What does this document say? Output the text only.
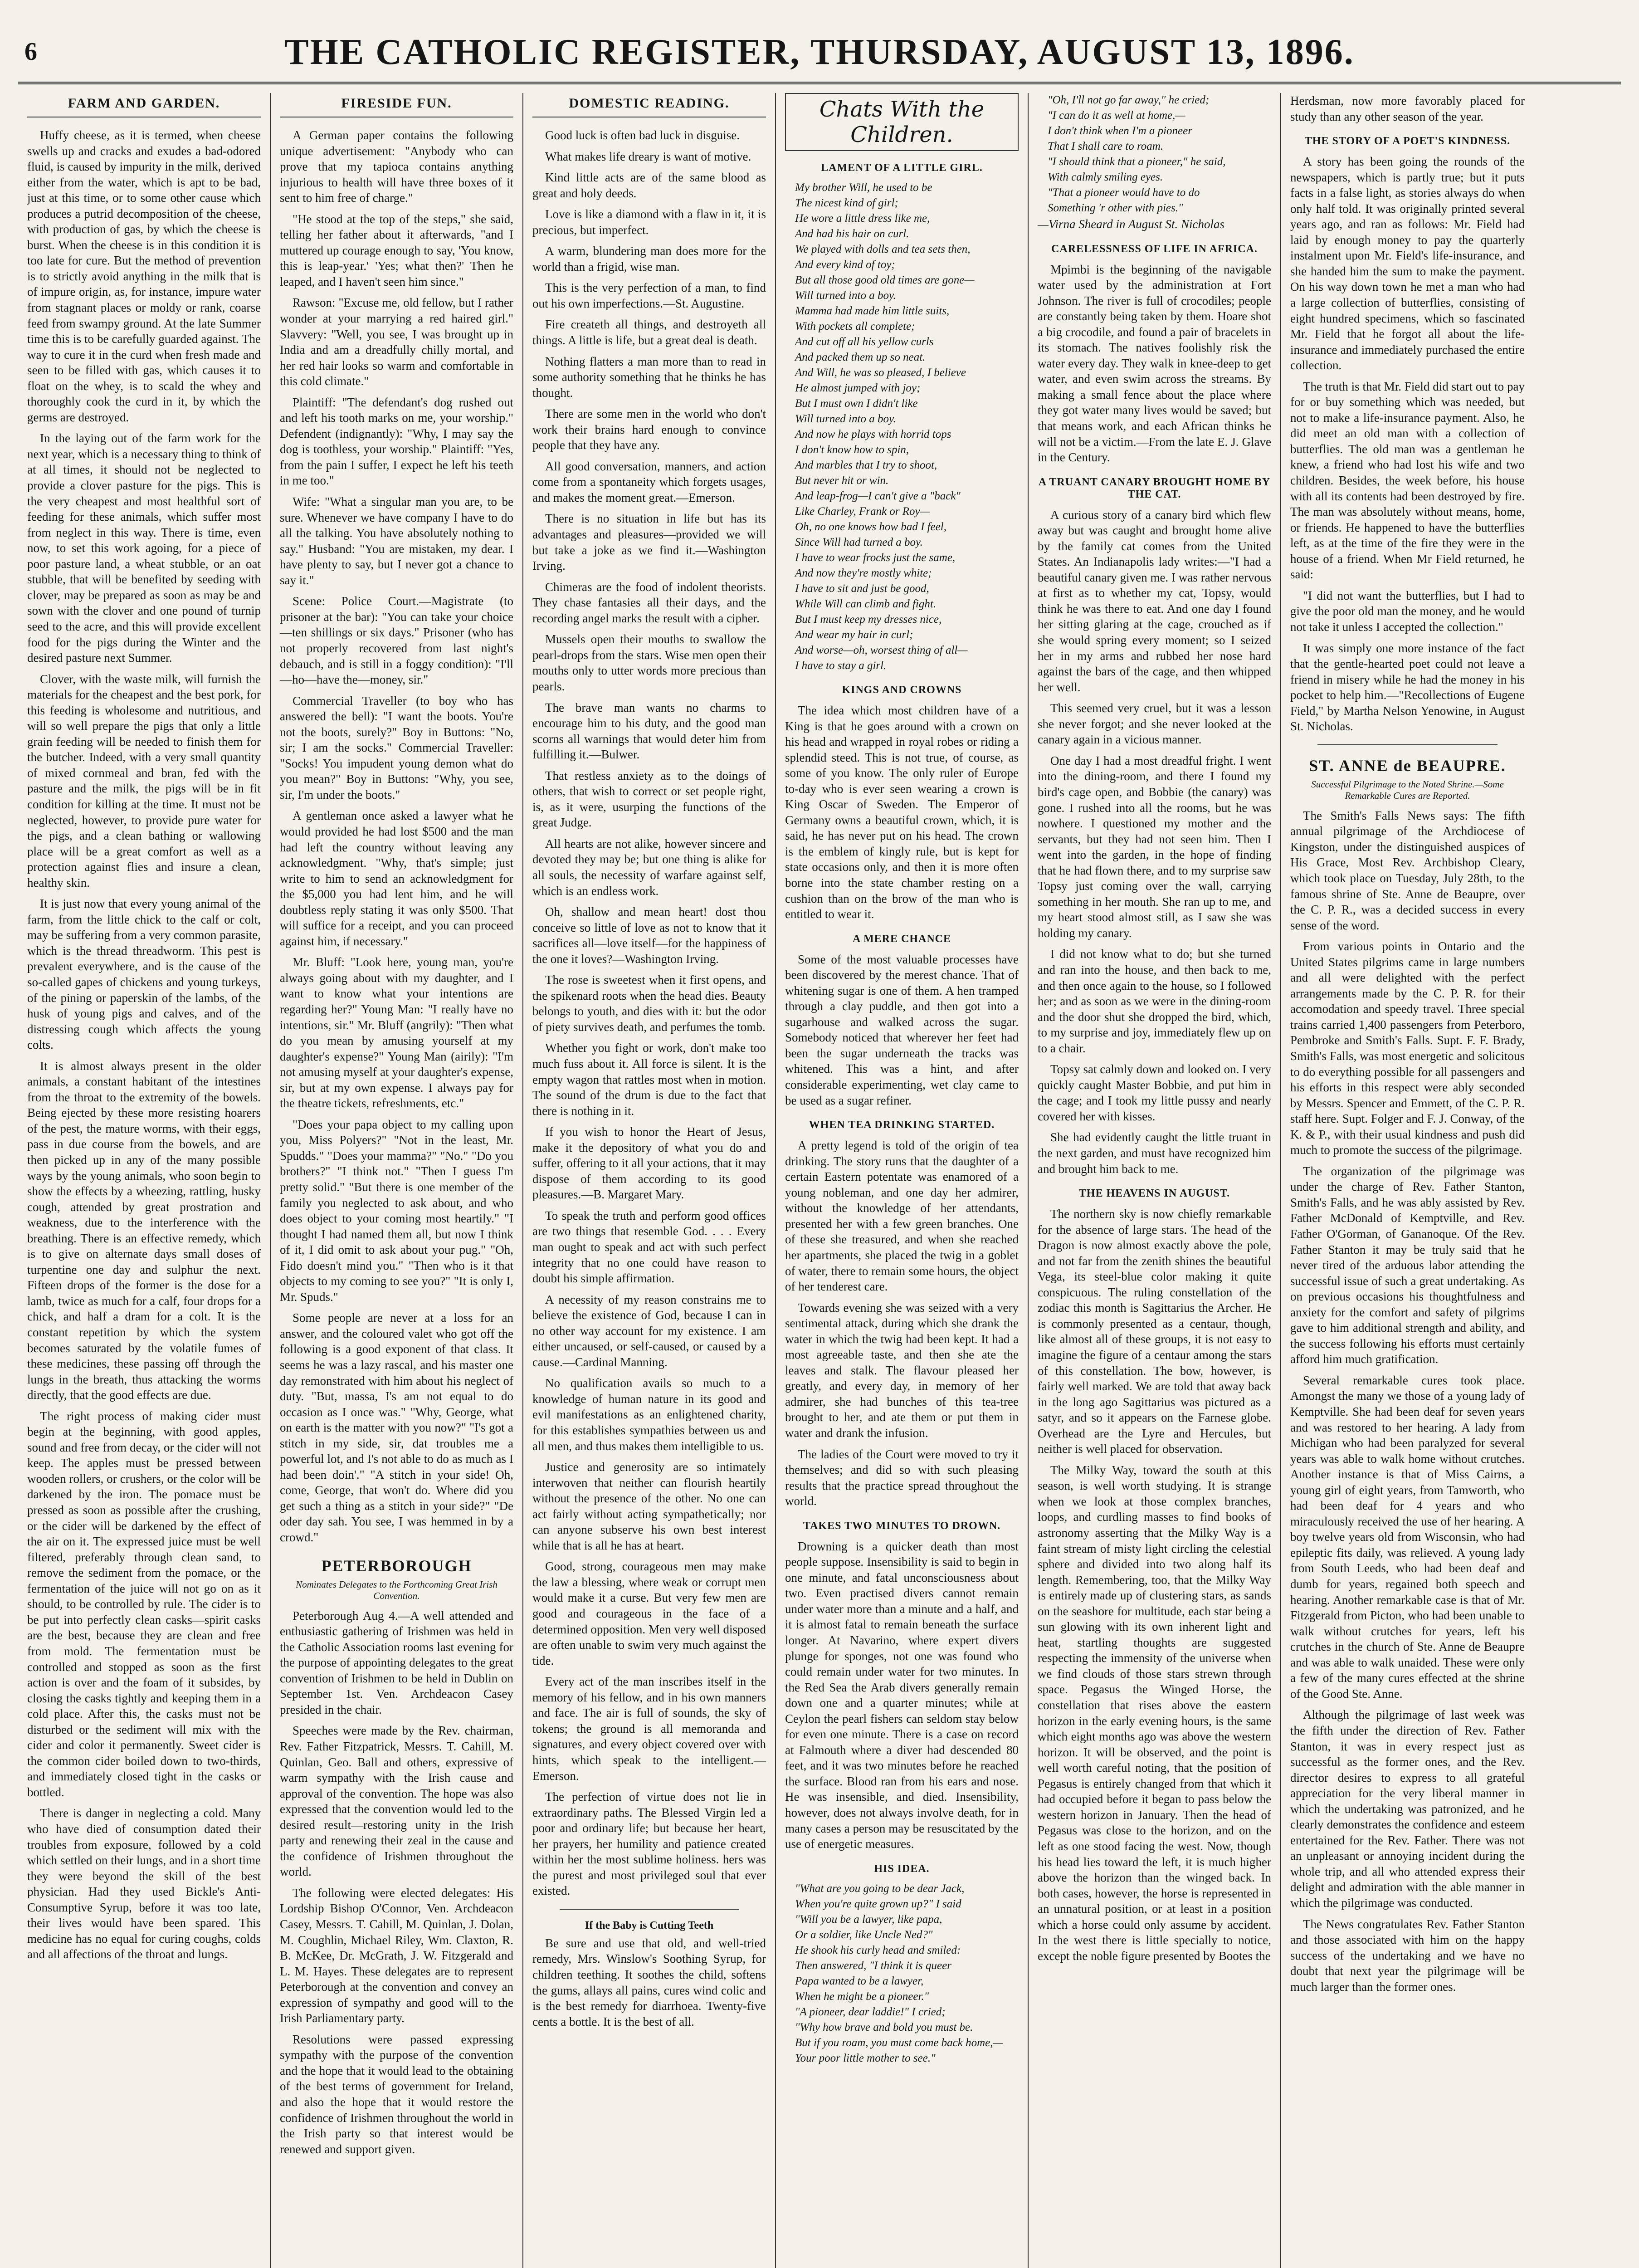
6	THE CATHOLIC REGISTER, THURSDAY, AUGUST 13, 1896.
FARM AND GARDEN.

Huffy cheese, as it is termed, when cheese swells up and cracks and exudes a bad-odored fluid, is caused by impurity in the milk, derived either from the water, which is apt to be bad, just at this time, or to some other cause which produces a putrid decomposition of the cheese, with production of gas, by which the cheese is burst. When the cheese is in this condition it is too late for cure. But the method of prevention is to strictly avoid anything in the milk that is of impure origin, as, for instance, impure water from stagnant places or moldy or rank, coarse feed from swampy ground. At the late Summer time this is to be carefully guarded against. The way to cure it in the curd when fresh made and seen to be filled with gas, which causes it to float on the whey, is to scald the whey and thoroughly cook the curd in it, by which the germs are destroyed.

In the laying out of the farm work for the next year, which is a necessary thing to think of at all times, it should not be neglected to provide a clover pasture for the pigs. This is the very cheapest and most healthful sort of feeding for these animals, which suffer most from neglect in this way. There is time, even now, to set this work agoing, for a piece of poor pasture land, a wheat stubble, or an oat stubble, that will be benefited by seeding with clover, may be prepared as soon as may be and sown with the clover and one pound of turnip seed to the acre, and this will provide excellent food for the pigs during the Winter and the desired pasture next Summer.

Clover, with the waste milk, will furnish the materials for the cheapest and the best pork, for this feeding is wholesome and nutritious, and will so well prepare the pigs that only a little grain feeding will be needed to finish them for the butcher. Indeed, with a very small quantity of mixed cornmeal and bran, fed with the pasture and the milk, the pigs will be in fit condition for killing at the time. It must not be neglected, however, to provide pure water for the pigs, and a clean bathing or wallowing place will be a great comfort as well as a protection against flies and insure a clean, healthy skin.

It is just now that every young animal of the farm, from the little chick to the calf or colt, may be suffering from a very common parasite, which is the thread threadworm. This pest is prevalent everywhere, and is the cause of the so-called gapes of chickens and young turkeys, of the pining or paperskin of the lambs, of the husk of young pigs and calves, and of the distressing cough which affects the young colts.

It is almost always present in the older animals, a constant habitant of the intestines from the throat to the extremity of the bowels. Being ejected by these more resisting hoarers of the pest, the mature worms, with their eggs, pass in due course from the bowels, and are then picked up in any of the many possible ways by the young animals, who soon begin to show the effects by a wheezing, rattling, husky cough, attended by great prostration and weakness, due to the interference with the breathing. There is an effective remedy, which is to give on alternate days small doses of turpentine one day and sulphur the next. Fifteen drops of the former is the dose for a lamb, twice as much for a calf, four drops for a chick, and half a dram for a colt. It is the constant repetition by which the system becomes saturated by the volatile fumes of these medicines, these passing off through the lungs in the breath, thus attacking the worms directly, that the good effects are due.

The right process of making cider must begin at the beginning, with good apples, sound and free from decay, or the cider will not keep. The apples must be pressed between wooden rollers, or crushers, or the color will be darkened by the iron. The pomace must be pressed as soon as possible after the crushing, or the cider will be darkened by the effect of the air on it. The expressed juice must be well filtered, preferably through clean sand, to remove the sediment from the pomace, or the fermentation of the juice will not go on as it should, to be controlled by rule. The cider is to be put into perfectly clean casks—spirit casks are the best, because they are clean and free from mold. The fermentation must be controlled and stopped as soon as the first action is over and the foam of it subsides, by closing the casks tightly and keeping them in a cold place. After this, the casks must not be disturbed or the sediment will mix with the cider and color it permanently. Sweet cider is the common cider boiled down to two-thirds, and immediately closed tight in the casks or bottled.

There is danger in neglecting a cold. Many who have died of consumption dated their troubles from exposure, followed by a cold which settled on their lungs, and in a short time they were beyond the skill of the best physician. Had they used Bickle's Anti-Consumptive Syrup, before it was too late, their lives would have been spared. This medicine has no equal for curing coughs, colds and all affections of the throat and lungs.

FIRESIDE FUN.

A German paper contains the following unique advertisement: "Anybody who can prove that my tapioca contains anything injurious to health will have three boxes of it sent to him free of charge."

"He stood at the top of the steps," she said, telling her father about it afterwards, "and I muttered up courage enough to say, 'You know, this is leap-year.' 'Yes; what then?' Then he leaped, and I haven't seen him since."

Rawson: "Excuse me, old fellow, but I rather wonder at your marrying a red haired girl." Slavvery: "Well, you see, I was brought up in India and am a dreadfully chilly mortal, and her red hair looks so warm and comfortable in this cold climate."

Plaintiff: "The defendant's dog rushed out and left his tooth marks on me, your worship." Defendent (indignantly): "Why, I may say the dog is toothless, your worship." Plaintiff: "Yes, from the pain I suffer, I expect he left his teeth in me too."

Wife: "What a singular man you are, to be sure. Whenever we have company I have to do all the talking. You have absolutely nothing to say." Husband: "You are mistaken, my dear. I have plenty to say, but I never got a chance to say it."

Scene: Police Court.—Magistrate (to prisoner at the bar): "You can take your choice—ten shillings or six days." Prisoner (who has not properly recovered from last night's debauch, and is still in a foggy condition): "I'll —ho—have the—money, sir."

Commercial Traveller (to boy who has answered the bell): "I want the boots. You're not the boots, surely?" Boy in Buttons: "No, sir; I am the socks." Commercial Traveller: "Socks! You impudent young demon what do you mean?" Boy in Buttons: "Why, you see, sir, I'm under the boots."

A gentleman once asked a lawyer what he would provided he had lost $500 and the man had left the country without leaving any acknowledgment. "Why, that's simple; just write to him to send an acknowledgment for the $5,000 you had lent him, and he will doubtless reply stating it was only $500. That will suffice for a receipt, and you can proceed against him, if necessary."

Mr. Bluff: "Look here, young man, you're always going about with my daughter, and I want to know what your intentions are regarding her?" Young Man: "I really have no intentions, sir." Mr. Bluff (angrily): "Then what do you mean by amusing yourself at my daughter's expense?" Young Man (airily): "I'm not amusing myself at your daughter's expense, sir, but at my own expense. I always pay for the theatre tickets, refreshments, etc."

"Does your papa object to my calling upon you, Miss Polyers?" "Not in the least, Mr. Spudds." "Does your mamma?" "No." "Do you brothers?" "I think not." "Then I guess I'm pretty solid." "But there is one member of the family you neglected to ask about, and who does object to your coming most heartily." "I thought I had named them all, but now I think of it, I did omit to ask about your pug." "Oh, Fido doesn't mind you." "Then who is it that objects to my coming to see you?" "It is only I, Mr. Spuds."

Some people are never at a loss for an answer, and the coloured valet who got off the following is a good exponent of that class. It seems he was a lazy rascal, and his master one day remonstrated with him about his neglect of duty. "But, massa, I's am not equal to do occasion as I once was." "Why, George, what on earth is the matter with you now?" "I's got a stitch in my side, sir, dat troubles me a powerful lot, and I's not able to do as much as I had been doin'." "A stitch in your side! Oh, come, George, that won't do. Where did you get such a thing as a stitch in your side?" "De oder day sah. You see, I was hemmed in by a crowd."

PETERBOROUGH
Nominates Delegates to the Forthcoming Great Irish Convention.

Peterborough Aug 4.—A well attended and enthusiastic gathering of Irishmen was held in the Catholic Association rooms last evening for the purpose of appointing delegates to the great convention of Irishmen to be held in Dublin on September 1st. Ven. Archdeacon Casey presided in the chair.

Speeches were made by the Rev. chairman, Rev. Father Fitzpatrick, Messrs. T. Cahill, M. Quinlan, Geo. Ball and others, expressive of warm sympathy with the Irish cause and approval of the convention. The hope was also expressed that the convention would led to the desired result—restoring unity in the Irish party and renewing their zeal in the cause and the confidence of Irishmen throughout the world.

The following were elected delegates: His Lordship Bishop O'Connor, Ven. Archdeacon Casey, Messrs. T. Cahill, M. Quinlan, J. Dolan, M. Coughlin, Michael Riley, Wm. Claxton, R. B. McKee, Dr. McGrath, J. W. Fitzgerald and L. M. Hayes. These delegates are to represent Peterborough at the convention and convey an expression of sympathy and good will to the Irish Parliamentary party.

Resolutions were passed expressing sympathy with the purpose of the convention and the hope that it would lead to the obtaining of the best terms of government for Ireland, and also the hope that it would restore the confidence of Irishmen throughout the world in the Irish party so that interest would be renewed and support given.

DOMESTIC READING.

Good luck is often bad luck in disguise.

What makes life dreary is want of motive.

Kind little acts are of the same blood as great and holy deeds.

Love is like a diamond with a flaw in it, it is precious, but imperfect.

A warm, blundering man does more for the world than a frigid, wise man.

This is the very perfection of a man, to find out his own imperfections.—St. Augustine.

Fire createth all things, and destroyeth all things. A little is life, but a great deal is death.

Nothing flatters a man more than to read in some authority something that he thinks he has thought.

There are some men in the world who don't work their brains hard enough to convince people that they have any.

All good conversation, manners, and action come from a spontaneity which forgets usages, and makes the moment great.—Emerson.

There is no situation in life but has its advantages and pleasures—provided we will but take a joke as we find it.—Washington Irving.

Chimeras are the food of indolent theorists. They chase fantasies all their days, and the recording angel marks the result with a cipher.

Mussels open their mouths to swallow the pearl-drops from the stars. Wise men open their mouths only to utter words more precious than pearls.

The brave man wants no charms to encourage him to his duty, and the good man scorns all warnings that would deter him from fulfilling it.—Bulwer.

That restless anxiety as to the doings of others, that wish to correct or set people right, is, as it were, usurping the functions of the great Judge.

All hearts are not alike, however sincere and devoted they may be; but one thing is alike for all souls, the necessity of warfare against self, which is an endless work.

Oh, shallow and mean heart! dost thou conceive so little of love as not to know that it sacrifices all—love itself—for the happiness of the one it loves?—Washington Irving.

The rose is sweetest when it first opens, and the spikenard roots when the head dies. Beauty belongs to youth, and dies with it: but the odor of piety survives death, and perfumes the tomb.

Whether you fight or work, don't make too much fuss about it. All force is silent. It is the empty wagon that rattles most when in motion. The sound of the drum is due to the fact that there is nothing in it.

If you wish to honor the Heart of Jesus, make it the depository of what you do and suffer, offering to it all your actions, that it may dispose of them according to its good pleasures.—B. Margaret Mary.

To speak the truth and perform good offices are two things that resemble God. . . . Every man ought to speak and act with such perfect integrity that no one could have reason to doubt his simple affirmation.

A necessity of my reason constrains me to believe the existence of God, because I can in no other way account for my existence. I am either uncaused, or self-caused, or caused by a cause.—Cardinal Manning.

No qualification avails so much to a knowledge of human nature in its good and evil manifestations as an enlightened charity, for this establishes sympathies between us and all men, and thus makes them intelligible to us.

Justice and generosity are so intimately interwoven that neither can flourish heartily without the presence of the other. No one can act fairly without acting sympathetically; nor can anyone subserve his own best interest while that is all he has at heart.

Good, strong, courageous men may make the law a blessing, where weak or corrupt men would make it a curse. But very few men are good and courageous in the face of a determined opposition. Men very well disposed are often unable to swim very much against the tide.

Every act of the man inscribes itself in the memory of his fellow, and in his own manners and face. The air is full of sounds, the sky of tokens; the ground is all memoranda and signatures, and every object covered over with hints, which speak to the intelligent.—Emerson.

The perfection of virtue does not lie in extraordinary paths. The Blessed Virgin led a poor and ordinary life; but because her heart, her prayers, her humility and patience created within her the most sublime holiness. hers was the purest and most privileged soul that ever existed.

If the Baby is Cutting Teeth

Be sure and use that old, and well-tried remedy, Mrs. Winslow's Soothing Syrup, for children teething. It soothes the child, softens the gums, allays all pains, cures wind colic and is the best remedy for diarrhoea. Twenty-five cents a bottle. It is the best of all.

Chats With the Children.
LAMENT OF A LITTLE GIRL.

My brother Will, he used to be

The nicest kind of girl;

He wore a little dress like me,

And had his hair on curl.

We played with dolls and tea sets then,

And every kind of toy;

But all those good old times are gone—

Will turned into a boy.

Mamma had made him little suits,

With pockets all complete;

And cut off all his yellow curls

And packed them up so neat.

And Will, he was so pleased, I believe

He almost jumped with joy;

But I must own I didn't like

Will turned into a boy.

And now he plays with horrid tops

I don't know how to spin,

And marbles that I try to shoot,

But never hit or win.

And leap-frog—I can't give a "back"

Like Charley, Frank or Roy—

Oh, no one knows how bad I feel,

Since Will had turned a boy.

I have to wear frocks just the same,

And now they're mostly white;

I have to sit and just be good,

While Will can climb and fight.

But I must keep my dresses nice,

And wear my hair in curl;

And worse—oh, worsest thing of all—

I have to stay a girl.

KINGS AND CROWNS

The idea which most children have of a King is that he goes around with a crown on his head and wrapped in royal robes or riding a splendid steed. This is not true, of course, as some of you know. The only ruler of Europe to-day who is ever seen wearing a crown is King Oscar of Sweden. The Emperor of Germany owns a beautiful crown, which, it is said, he has never put on his head. The crown is the emblem of kingly rule, but is kept for state occasions only, and then it is more often borne into the state chamber resting on a cushion than on the brow of the man who is entitled to wear it.

A MERE CHANCE

Some of the most valuable processes have been discovered by the merest chance. That of whitening sugar is one of them. A hen tramped through a clay puddle, and then got into a sugarhouse and walked across the sugar. Somebody noticed that wherever her feet had been the sugar underneath the tracks was whitened. This was a hint, and after considerable experimenting, wet clay came to be used as a sugar refiner.

WHEN TEA DRINKING STARTED.

A pretty legend is told of the origin of tea drinking. The story runs that the daughter of a certain Eastern potentate was enamored of a young nobleman, and one day her admirer, without the knowledge of her attendants, presented her with a few green branches. One of these she treasured, and when she reached her apartments, she placed the twig in a goblet of water, there to remain some hours, the object of her tenderest care.

Towards evening she was seized with a very sentimental attack, during which she drank the water in which the twig had been kept. It had a most agreeable taste, and then she ate the leaves and stalk. The flavour pleased her greatly, and every day, in memory of her admirer, she had bunches of this tea-tree brought to her, and ate them or put them in water and drank the infusion.

The ladies of the Court were moved to try it themselves; and did so with such pleasing results that the practice spread throughout the world.

TAKES TWO MINUTES TO DROWN.

Drowning is a quicker death than most people suppose. Insensibility is said to begin in one minute, and fatal unconsciousness about two. Even practised divers cannot remain under water more than a minute and a half, and it is almost fatal to remain beneath the surface longer. At Navarino, where expert divers plunge for sponges, not one was found who could remain under water for two minutes. In the Red Sea the Arab divers generally remain down one and a quarter minutes; while at Ceylon the pearl fishers can seldom stay below for even one minute. There is a case on record at Falmouth where a diver had descended 80 feet, and it was two minutes before he reached the surface. Blood ran from his ears and nose. He was insensible, and died. Insensibility, however, does not always involve death, for in many cases a person may be resuscitated by the use of energetic measures.

HIS IDEA.

"What are you going to be dear Jack,

When you're quite grown up?" I said

"Will you be a lawyer, like papa,

Or a soldier, like Uncle Ned?"

He shook his curly head and smiled:

Then answered, "I think it is queer

Papa wanted to be a lawyer,

When he might be a pioneer."

"A pioneer, dear laddie!" I cried;

"Why how brave and bold you must be.

But if you roam, you must come back home,—

Your poor little mother to see."

"Oh, I'll not go far away," he cried;

"I can do it as well at home,—

I don't think when I'm a pioneer

That I shall care to roam.

"I should think that a pioneer," he said,

With calmly smiling eyes.

"That a pioneer would have to do

Something 'r other with pies."

—Virna Sheard in August St. Nicholas

CARELESSNESS OF LIFE IN AFRICA.

Mpimbi is the beginning of the navigable water used by the administration at Fort Johnson. The river is full of crocodiles; people are constantly being taken by them. Hoare shot a big crocodile, and found a pair of bracelets in its stomach. The natives foolishly risk the water every day. They walk in knee-deep to get water, and even swim across the streams. By making a small fence about the place where they got water many lives would be saved; but that means work, and each African thinks he will not be a victim.—From the late E. J. Glave in the Century.

A TRUANT CANARY BROUGHT HOME BY THE CAT.

A curious story of a canary bird which flew away but was caught and brought home alive by the family cat comes from the United States. An Indianapolis lady writes:—"I had a beautiful canary given me. I was rather nervous at first as to whether my cat, Topsy, would think he was there to eat. And one day I found her sitting glaring at the cage, crouched as if she would spring every moment; so I seized her in my arms and rubbed her nose hard against the bars of the cage, and then whipped her well.

This seemed very cruel, but it was a lesson she never forgot; and she never looked at the canary again in a vicious manner.

One day I had a most dreadful fright. I went into the dining-room, and there I found my bird's cage open, and Bobbie (the canary) was gone. I rushed into all the rooms, but he was nowhere. I questioned my mother and the servants, but they had not seen him. Then I went into the garden, in the hope of finding that he had flown there, and to my surprise saw Topsy just coming over the wall, carrying something in her mouth. She ran up to me, and my heart stood almost still, as I saw she was holding my canary.

I did not know what to do; but she turned and ran into the house, and then back to me, and then once again to the house, so I followed her; and as soon as we were in the dining-room and the door shut she dropped the bird, which, to my surprise and joy, immediately flew up on to a chair.

Topsy sat calmly down and looked on. I very quickly caught Master Bobbie, and put him in the cage; and I took my little pussy and nearly covered her with kisses.

She had evidently caught the little truant in the next garden, and must have recognized him and brought him back to me.

THE HEAVENS IN AUGUST.

The northern sky is now chiefly remarkable for the absence of large stars. The head of the Dragon is now almost exactly above the pole, and not far from the zenith shines the beautiful Vega, its steel-blue color making it quite conspicuous. The ruling constellation of the zodiac this month is Sagittarius the Archer. He is commonly presented as a centaur, though, like almost all of these groups, it is not easy to imagine the figure of a centaur among the stars of this constellation. The bow, however, is fairly well marked. We are told that away back in the long ago Sagittarius was pictured as a satyr, and so it appears on the Farnese globe. Overhead are the Lyre and Hercules, but neither is well placed for observation.

The Milky Way, toward the south at this season, is well worth studying. It is strange when we look at those complex branches, loops, and curdling masses to find books of astronomy asserting that the Milky Way is a faint stream of misty light circling the celestial sphere and divided into two along half its length. Remembering, too, that the Milky Way is entirely made up of clustering stars, as sands on the seashore for multitude, each star being a sun glowing with its own inherent light and heat, startling thoughts are suggested respecting the immensity of the universe when we find clouds of those stars strewn through space. Pegasus the Winged Horse, the constellation that rises above the eastern horizon in the early evening hours, is the same which eight months ago was above the western horizon. It will be observed, and the point is well worth careful noting, that the position of Pegasus is entirely changed from that which it had occupied before it began to pass below the western horizon in January. Then the head of Pegasus was close to the horizon, and on the left as one stood facing the west. Now, though his head lies toward the left, it is much higher above the horizon than the winged back. In both cases, however, the horse is represented in an unnatural position, or at least in a position which a horse could only assume by accident. In the west there is little specially to notice, except the noble figure presented by Bootes the

Herdsman, now more favorably placed for study than any other season of the year.

THE STORY OF A POET'S KINDNESS.

A story has been going the rounds of the newspapers, which is partly true; but it puts facts in a false light, as stories always do when only half told. It was originally printed several years ago, and ran as follows: Mr. Field had laid by enough money to pay the quarterly instalment upon Mr. Field's life-insurance, and she handed him the sum to make the payment. On his way down town he met a man who had a large collection of butterflies, consisting of eight hundred specimens, which so fascinated Mr. Field that he forgot all about the life-insurance and immediately purchased the entire collection.

The truth is that Mr. Field did start out to pay for or buy something which was needed, but not to make a life-insurance payment. Also, he did meet an old man with a collection of butterflies. The old man was a gentleman he knew, a friend who had lost his wife and two children. Besides, the week before, his house with all its contents had been destroyed by fire. The man was absolutely without means, home, or friends. He happened to have the butterflies left, as at the time of the fire they were in the house of a friend. When Mr Field returned, he said:

"I did not want the butterflies, but I had to give the poor old man the money, and he would not take it unless I accepted the collection."

It was simply one more instance of the fact that the gentle-hearted poet could not leave a friend in misery while he had the money in his pocket to help him.—"Recollections of Eugene Field," by Martha Nelson Yenowine, in August St. Nicholas.

ST. ANNE de BEAUPRE.
Successful Pilgrimage to the Noted Shrine.—Some Remarkable Cures are Reported.

The Smith's Falls News says: The fifth annual pilgrimage of the Archdiocese of Kingston, under the distinguished auspices of His Grace, Most Rev. Archbishop Cleary, which took place on Tuesday, July 28th, to the famous shrine of Ste. Anne de Beaupre, over the C. P. R., was a decided success in every sense of the word.

From various points in Ontario and the United States pilgrims came in large numbers and all were delighted with the perfect arrangements made by the C. P. R. for their accomodation and speedy travel. Three special trains carried 1,400 passengers from Peterboro, Pembroke and Smith's Falls. Supt. F. F. Brady, Smith's Falls, was most energetic and solicitous to do everything possible for all passengers and his efforts in this respect were ably seconded by Messrs. Spencer and Emmett, of the C. P. R. staff here. Supt. Folger and F. J. Conway, of the K. & P., with their usual kindness and push did much to promote the success of the pilgrimage.

The organization of the pilgrimage was under the charge of Rev. Father Stanton, Smith's Falls, and he was ably assisted by Rev. Father McDonald of Kemptville, and Rev. Father O'Gorman, of Gananoque. Of the Rev. Father Stanton it may be truly said that he never tired of the arduous labor attending the successful issue of such a great undertaking. As on previous occasions his thoughtfulness and anxiety for the comfort and safety of pilgrims gave to him additional strength and ability, and the success following his efforts must certainly afford him much gratification.

Several remarkable cures took place. Amongst the many we those of a young lady of Kemptville. She had been deaf for seven years and was restored to her hearing. A lady from Michigan who had been paralyzed for several years was able to walk home without crutches. Another instance is that of Miss Cairns, a young girl of eight years, from Tamworth, who had been deaf for 4 years and who miraculously received the use of her hearing. A boy twelve years old from Wisconsin, who had epileptic fits daily, was relieved. A young lady from South Leeds, who had been deaf and dumb for years, regained both speech and hearing. Another remarkable case is that of Mr. Fitzgerald from Picton, who had been unable to walk without crutches for years, left his crutches in the church of Ste. Anne de Beaupre and was able to walk unaided. These were only a few of the many cures effected at the shrine of the Good Ste. Anne.

Although the pilgrimage of last week was the fifth under the direction of Rev. Father Stanton, it was in every respect just as successful as the former ones, and the Rev. director desires to express to all grateful appreciation for the very liberal manner in which the undertaking was patronized, and he clearly demonstrates the confidence and esteem entertained for the Rev. Father. There was not an unpleasant or annoying incident during the whole trip, and all who attended express their delight and admiration with the able manner in which the pilgrimage was conducted.

The News congratulates Rev. Father Stanton and those associated with him on the happy success of the undertaking and we have no doubt that next year the pilgrimage will be much larger than the former ones.
